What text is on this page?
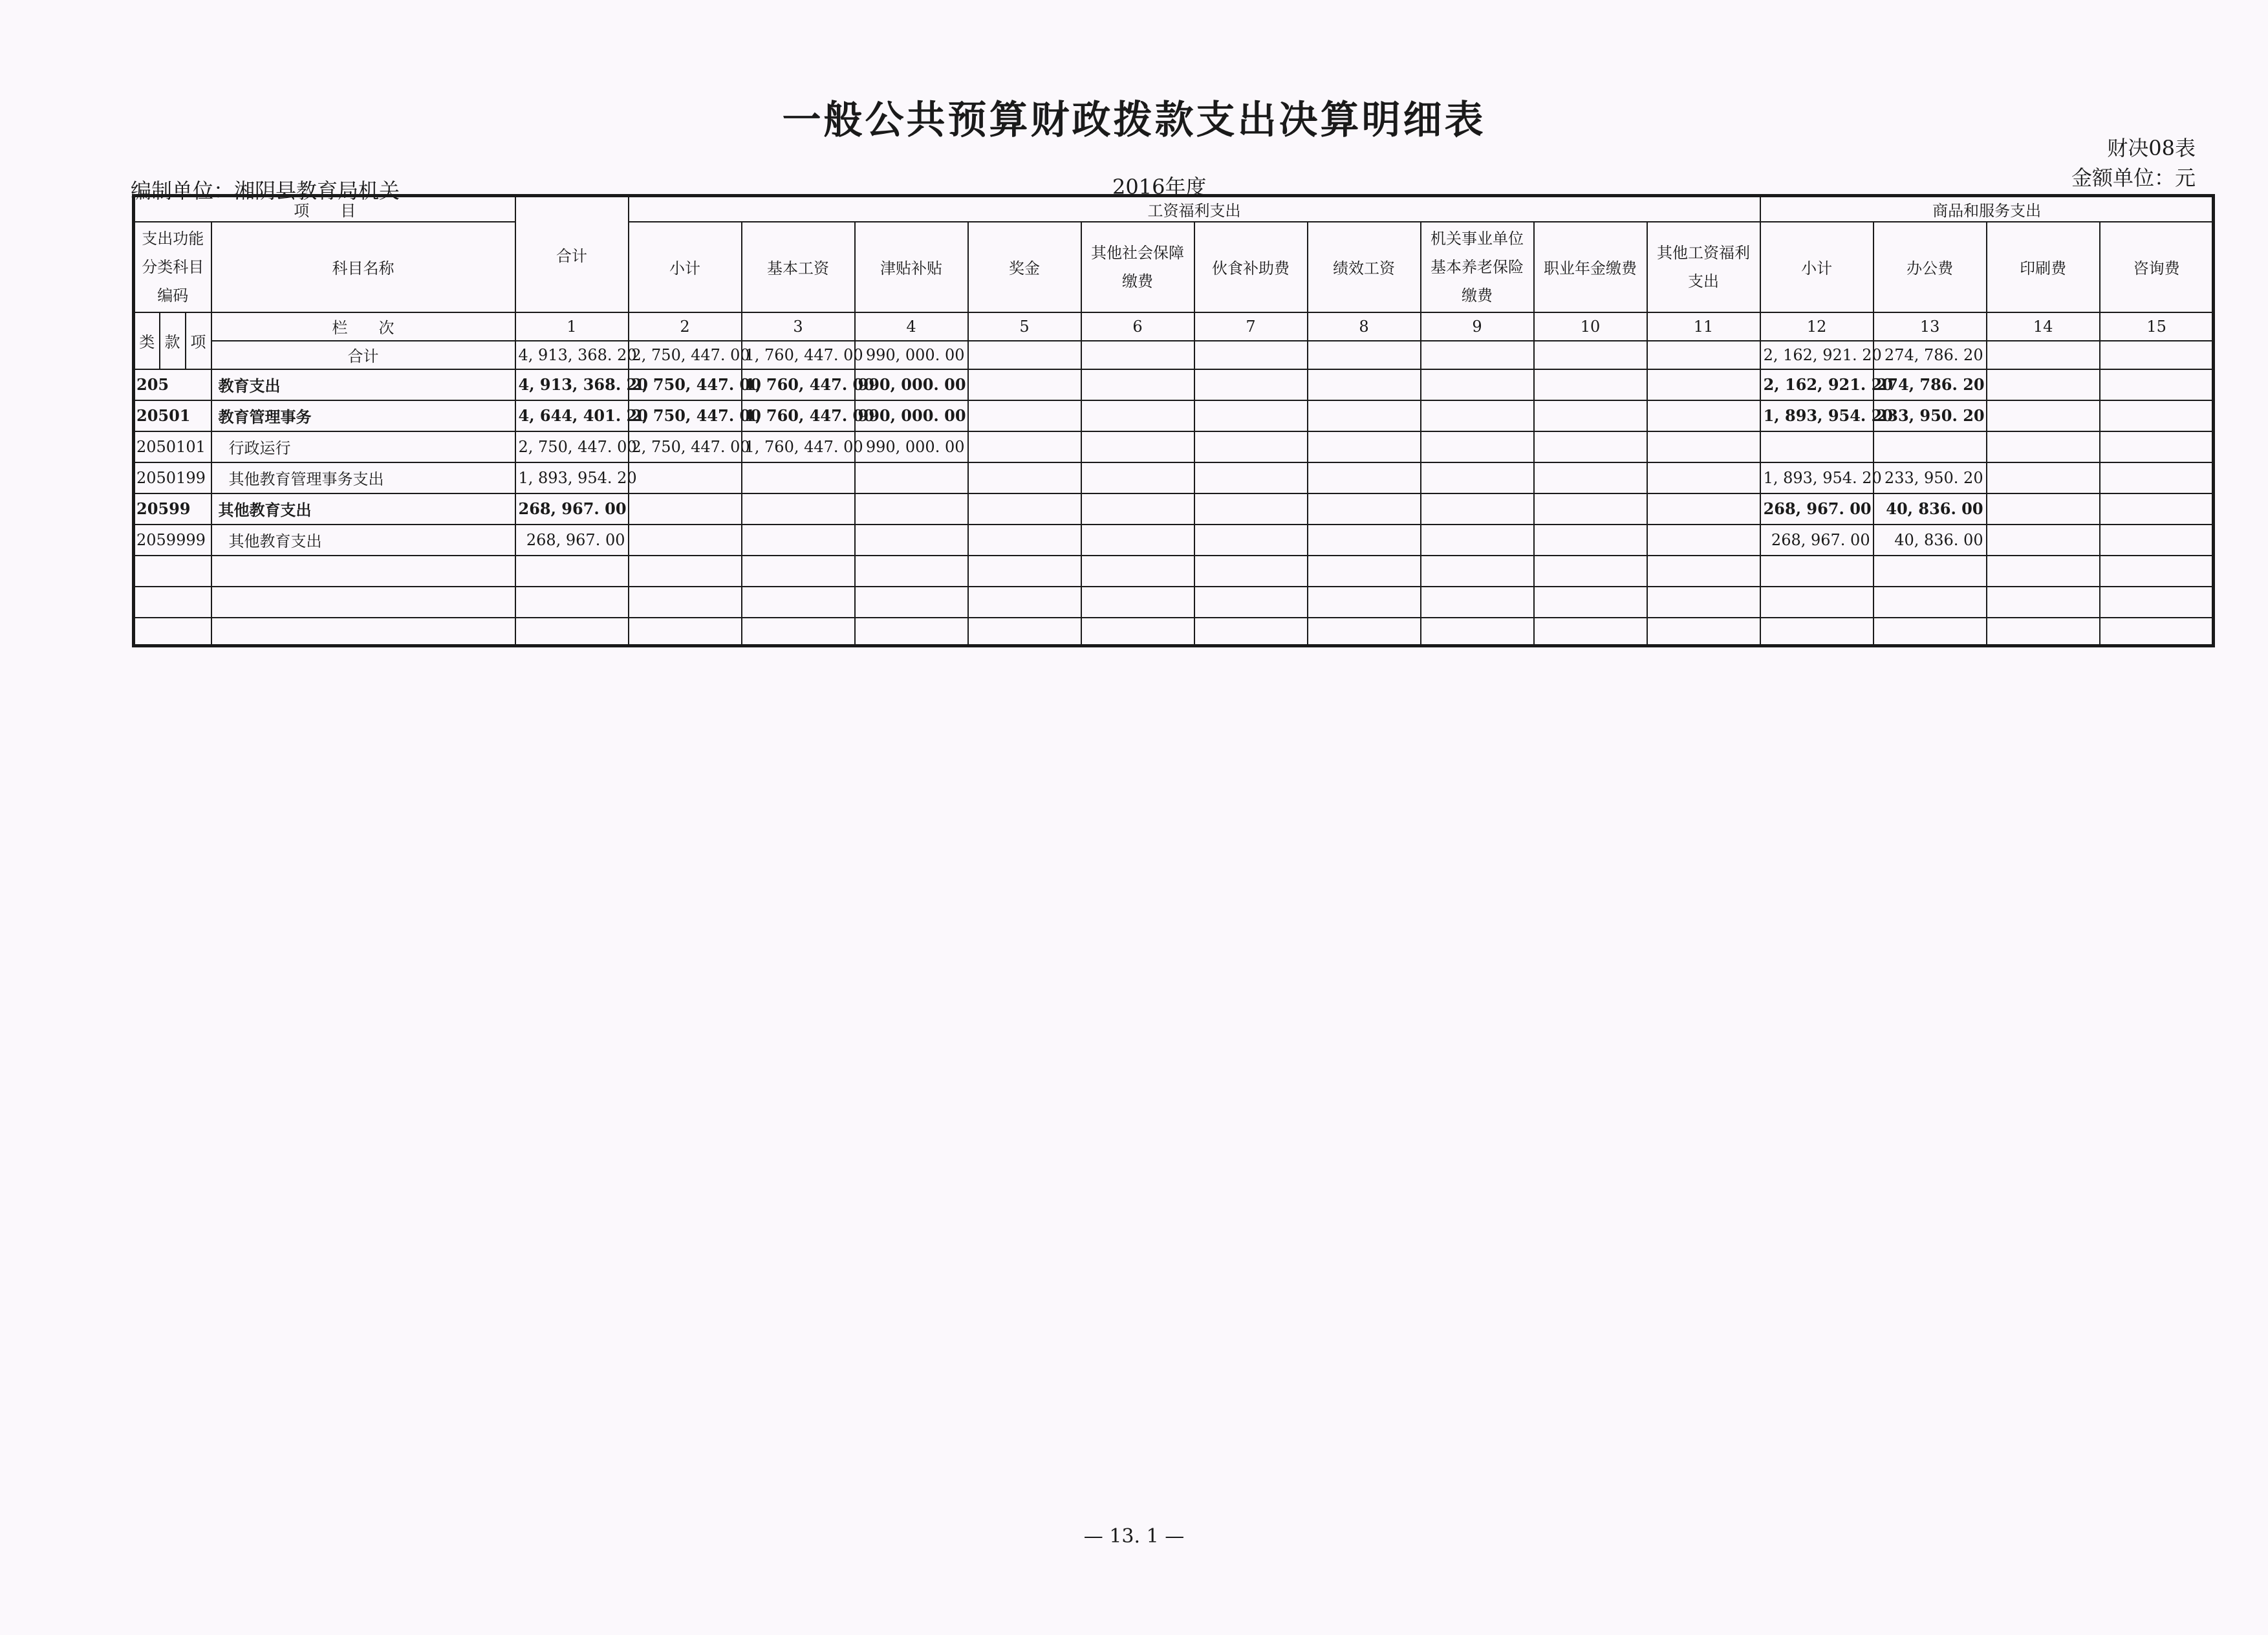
一般公共预算财政拨款支出决算明细表
财决08表
金额单位：元
编制单位：湘阴县教育局机关	2016年度
项　　目				合计	工资福利支出										商品和服务支出				
支出功能分类科目编码			科目名称		小计	基本工资	津贴补贴	奖金	其他社会保障缴费	伙食补助费	绩效工资	机关事业单位基本养老保险缴费	职业年金缴费	其他工资福利支出	小计	办公费	印刷费	咨询费	
类	款	项	栏　　次	1	2	3	4	5	6	7	8	9	10	11	12	13	14	15	
			合计	4, 913, 368. 20	2, 750, 447. 00	1, 760, 447. 00	990, 000. 00								2, 162, 921. 20	274, 786. 20			
205			教育支出	4, 913, 368. 20	2, 750, 447. 00	1, 760, 447. 00	990, 000. 00								2, 162, 921. 20	274, 786. 20			
20501			教育管理事务	4, 644, 401. 20	2, 750, 447. 00	1, 760, 447. 00	990, 000. 00								1, 893, 954. 20	233, 950. 20			
2050101			行政运行	2, 750, 447. 00	2, 750, 447. 00	1, 760, 447. 00	990, 000. 00												
2050199			其他教育管理事务支出	1, 893, 954. 20											1, 893, 954. 20	233, 950. 20			
20599			其他教育支出	268, 967. 00											268, 967. 00	40, 836. 00			
2059999			其他教育支出	268, 967. 00											268, 967. 00	40, 836. 00			

— 13. 1 —
